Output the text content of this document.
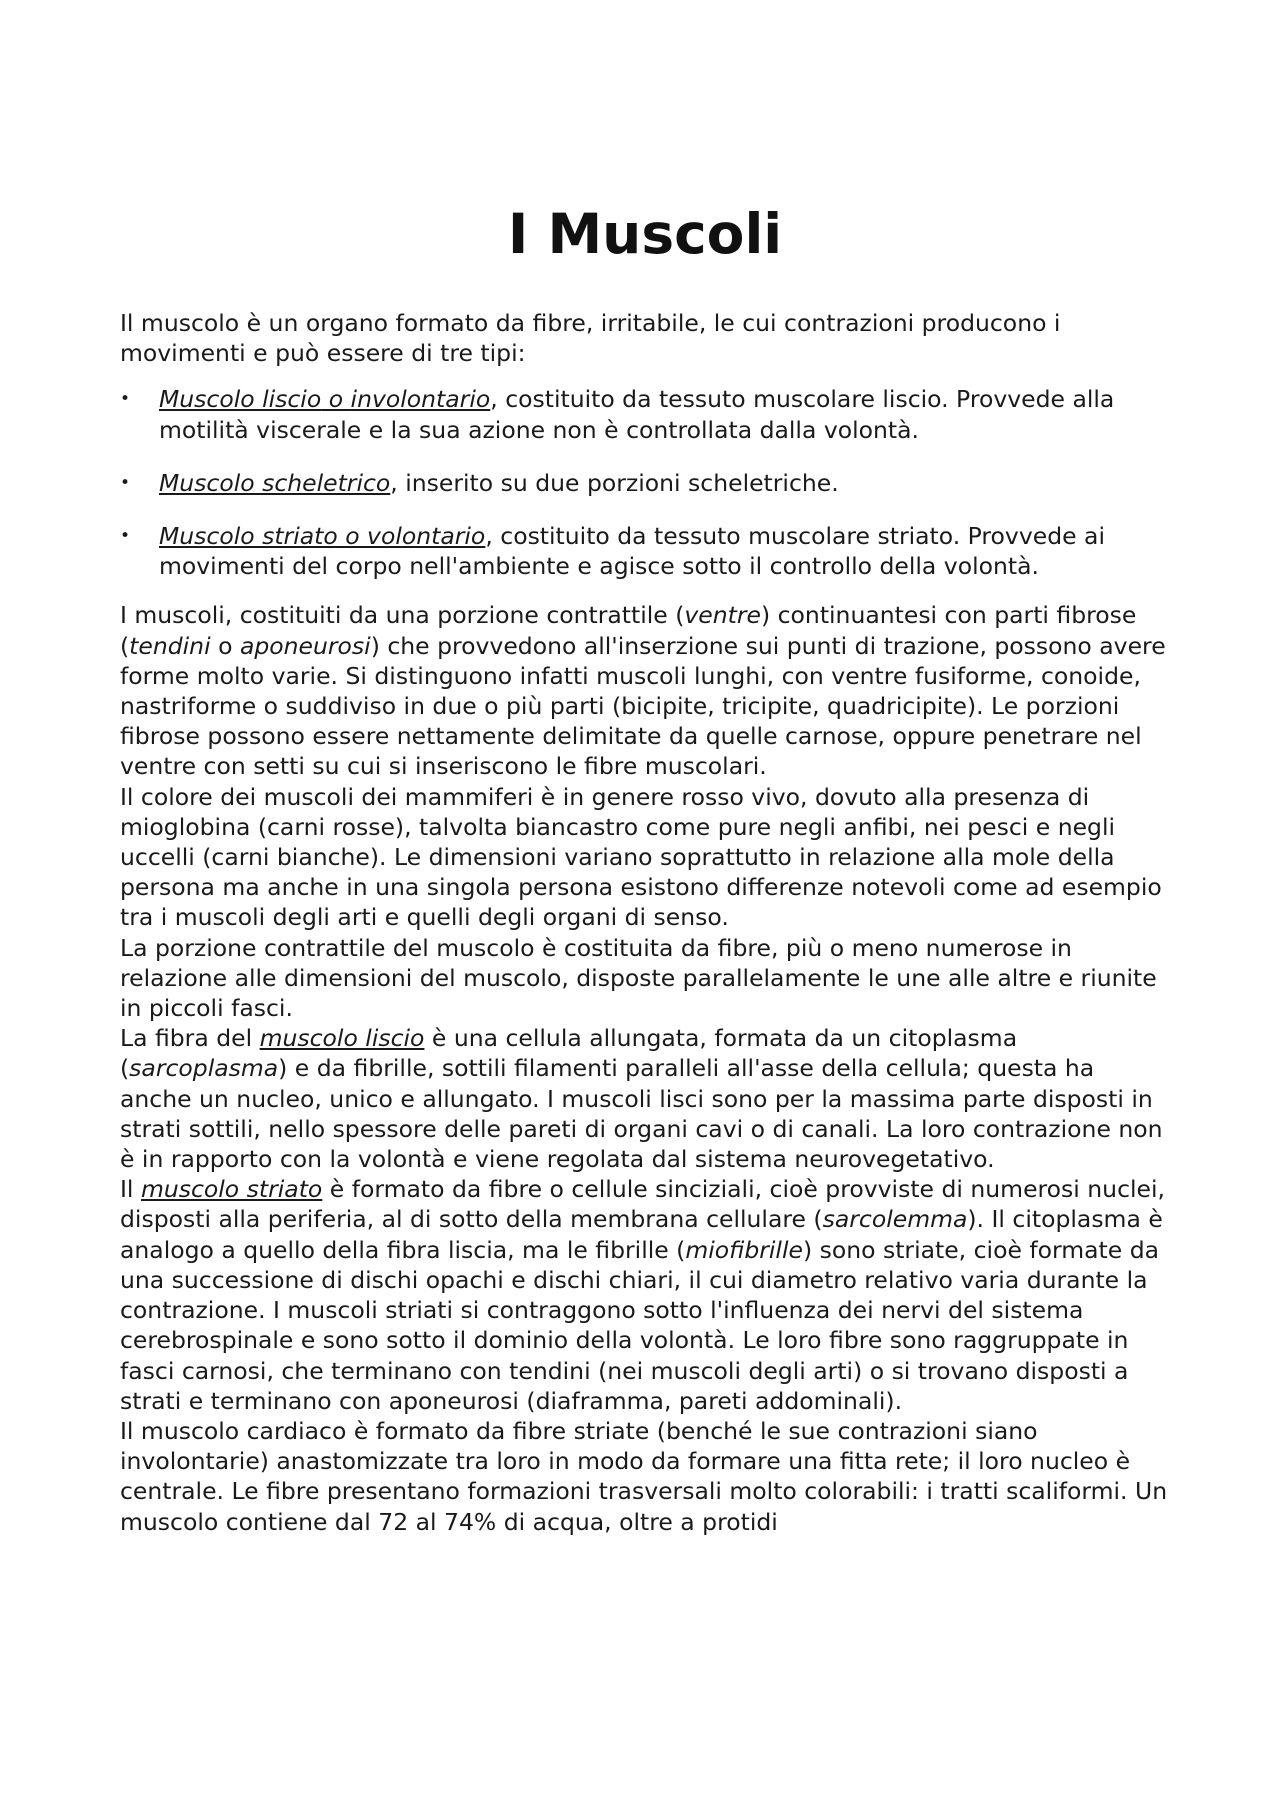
I Muscoli

Il muscolo è un organo formato da fibre, irritabile, le cui contrazioni producono i movimenti e può essere di tre tipi:

• Muscolo liscio o involontario, costituito da tessuto muscolare liscio. Provvede alla motilità viscerale e la sua azione non è controllata dalla volontà.
• Muscolo scheletrico, inserito su due porzioni scheletriche.
• Muscolo striato o volontario, costituito da tessuto muscolare striato. Provvede ai movimenti del corpo nell'ambiente e agisce sotto il controllo della volontà.

I muscoli, costituiti da una porzione contrattile (ventre) continuantesi con parti fibrose (tendini o aponeurosi) che provvedono all'inserzione sui punti di trazione, possono avere forme molto varie. Si distinguono infatti muscoli lunghi, con ventre fusiforme, conoide, nastriforme o suddiviso in due o più parti (bicipite, tricipite, quadricipite). Le porzioni fibrose possono essere nettamente delimitate da quelle carnose, oppure penetrare nel ventre con setti su cui si inseriscono le fibre muscolari.

Il colore dei muscoli dei mammiferi è in genere rosso vivo, dovuto alla presenza di mioglobina (carni rosse), talvolta biancastro come pure negli anfibi, nei pesci e negli uccelli (carni bianche). Le dimensioni variano soprattutto in relazione alla mole della persona ma anche in una singola persona esistono differenze notevoli come ad esempio tra i muscoli degli arti e quelli degli organi di senso.

La porzione contrattile del muscolo è costituita da fibre, più o meno numerose in relazione alle dimensioni del muscolo, disposte parallelamente le une alle altre e riunite in piccoli fasci.

La fibra del muscolo liscio è una cellula allungata, formata da un citoplasma (sarcoplasma) e da fibrille, sottili filamenti paralleli all'asse della cellula; questa ha anche un nucleo, unico e allungato. I muscoli lisci sono per la massima parte disposti in strati sottili, nello spessore delle pareti di organi cavi o di canali. La loro contrazione non è in rapporto con la volontà e viene regolata dal sistema neurovegetativo.

Il muscolo striato è formato da fibre o cellule sinciziali, cioè provviste di numerosi nuclei, disposti alla periferia, al di sotto della membrana cellulare (sarcolemma). Il citoplasma è analogo a quello della fibra liscia, ma le fibrille (miofibrille) sono striate, cioè formate da una successione di dischi opachi e dischi chiari, il cui diametro relativo varia durante la contrazione. I muscoli striati si contraggono sotto l'influenza dei nervi del sistema cerebrospinale e sono sotto il dominio della volontà. Le loro fibre sono raggruppate in fasci carnosi, che terminano con tendini (nei muscoli degli arti) o si trovano disposti a strati e terminano con aponeurosi (diaframma, pareti addominali).

Il muscolo cardiaco è formato da fibre striate (benché le sue contrazioni siano involontarie) anastomizzate tra loro in modo da formare una fitta rete; il loro nucleo è centrale. Le fibre presentano formazioni trasversali molto colorabili: i tratti scaliformi. Un muscolo contiene dal 72 al 74% di acqua, oltre a protidi
